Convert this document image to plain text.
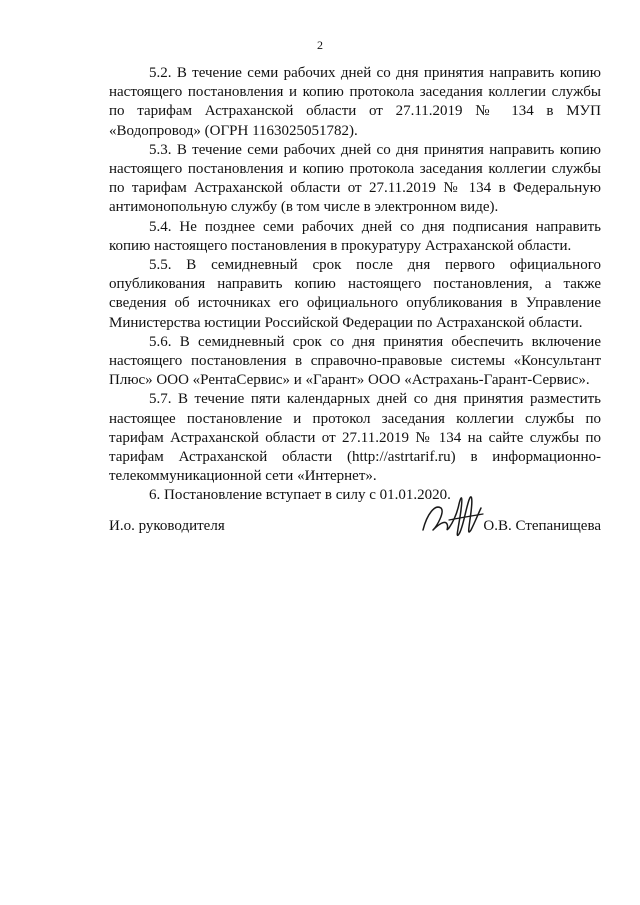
2

5.2. В течение семи рабочих дней со дня принятия направить копию настоящего постановления и копию протокола заседания коллегии службы по тарифам Астраханской области от 27.11.2019 № 134 в МУП «Водопровод» (ОГРН 1163025051782).

5.3. В течение семи рабочих дней со дня принятия направить копию настоящего постановления и копию протокола заседания коллегии службы по тарифам Астраханской области от 27.11.2019 № 134 в Федеральную антимонопольную службу (в том числе в электронном виде).

5.4. Не позднее семи рабочих дней со дня подписания направить копию настоящего постановления в прокуратуру Астраханской области.

5.5. В семидневный срок после дня первого официального опубликования направить копию настоящего постановления, а также сведения об источниках его официального опубликования в Управление Министерства юстиции Российской Федерации по Астраханской области.

5.6. В семидневный срок со дня принятия обеспечить включение настоящего постановления в справочно-правовые системы «Консультант Плюс» ООО «РентаСервис» и «Гарант» ООО «Астрахань-Гарант-Сервис».

5.7. В течение пяти календарных дней со дня принятия разместить настоящее постановление и протокол заседания коллегии службы по тарифам Астраханской области от 27.11.2019 № 134 на сайте службы по тарифам Астраханской области (http://astrtarif.ru) в информационно-телекоммуникационной сети «Интернет».

6. Постановление вступает в силу с 01.01.2020.

И.о. руководителя	О.В. Степанищева
